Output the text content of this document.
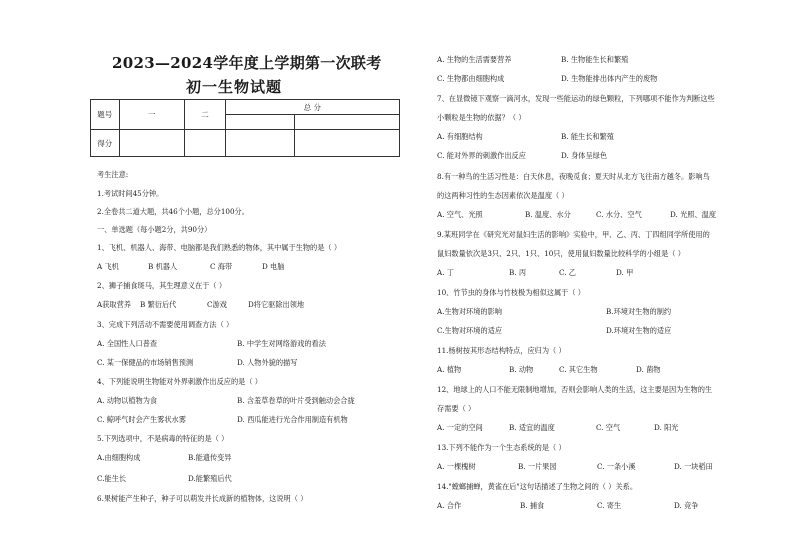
2023—2024学年度上学期第一次联考
初一生物试题
题号	一	二	总 分	

得分				
考生注意:
1.考试时间45分钟。
2.全卷共二道大题，共46个小题，总分100分。
一、单选题（每小题2分，共90分）
1、飞机、机器人、海带、电脑都是我们熟悉的物体，其中属于生物的是（ ）
A 飞机	B 机器人	C 海带	D 电脑
2、狮子捕食斑马，其生理意义在于（ ）
A获取营养 B 繁衍后代	C游戏	D将它驱除出领地
3、完成下列活动不需要使用调查方法（ ）
A. 全国性人口普查	B. 中学生对网络游戏的看法
C. 某一保健品的市场销售预测	D. 人物外貌的描写
4、下列能说明生物能对外界刺激作出反应的是（ ）
A. 动物以植物为食	B. 含羞草卷草的叶片受到触动会合拢
C. 鲸呼气时会产生雾状水雾	D. 西瓜能进行光合作用制造有机物
5.下列选项中，不是病毒的特征的是（ ）
A.由细胞构成	B.能遗传变异
C.能生长	D.能繁殖后代
6.果树能产生种子，种子可以萌发并长成新的植物体，这说明（ ）
A. 生物的生活需要营养	B. 生物能生长和繁殖
C. 生物都由细胞构成	D. 生物能排出体内产生的废物
7、在显微镜下观察一滴河水，发现一些能运动的绿色颗粒，下列哪项不能作为判断这些
小颗粒是生物的依据？（ ）
A. 有细胞结构	B. 能生长和繁殖
C. 能对外界的刺激作出反应	D. 身体呈绿色
8.有一种鸟的生活习性是：白天休息，夜晚觅食；夏天时从北方飞往南方越冬。影响鸟
的这两种习性的生态因素依次是温度（ ）
A. 空气、光照	B. 温度、水分	C. 水分、空气	D. 光照、温度
9.某班同学在《研究光对鼠妇生活的影响》实验中，甲、乙、丙、丁四组同学所使用的
鼠妇数量依次是3只、2只、1只、10只，使用鼠妇数量比较科学的小组是（ ）
A. 丁	B. 丙	C. 乙	D. 甲
10、竹节虫的身体与竹枝极为相似这属于（ ）
A.生物对环境的影响	B.环境对生物的制约
C.生物对环境的适应	D.环境对生物的适应
11.杨树按其形态结构特点，应归为（ ）
A. 植物	B. 动物	C. 其它生物	D. 菌物
12、地球上的人口不能无限制地增加，否则会影响人类的生活，这主要是因为生物的生
存需要（ ）
A. 一定的空间	B. 适宜的温度	C. 空气	D. 阳光
13.下列不能作为一个生态系统的是（ ）
A. 一棵槐树	B. 一片果园	C. 一条小溪	D. 一块稻田
14."螳螂捕蝉，黄雀在后"这句话描述了生物之间的（ ）关系。
A. 合作	B. 捕食	C. 寄生	D. 竞争
